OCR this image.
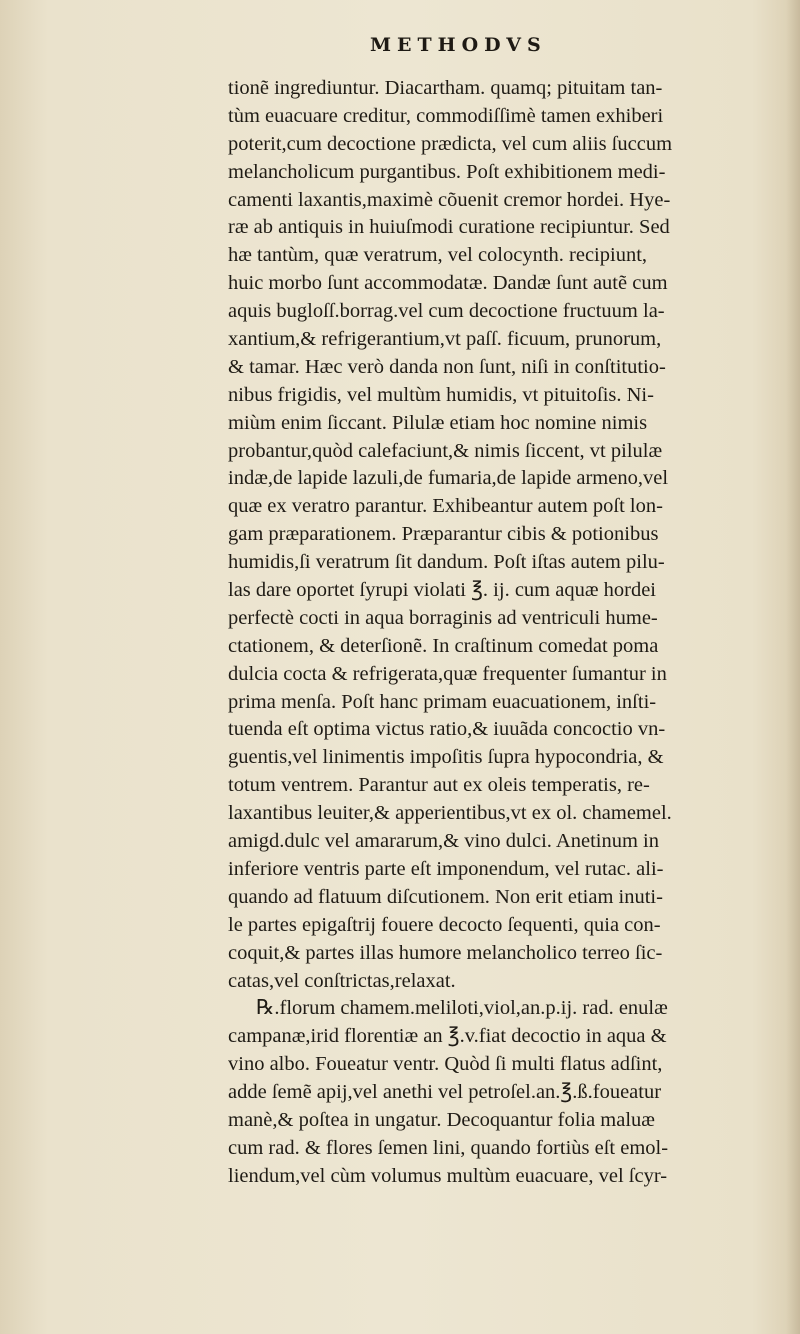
METHODVS
tionẽ ingrediuntur. Diacartham. quamq; pituitam tan-
tùm euacuare creditur, commodiſſimè tamen exhiberi
poterit,cum decoctione prædicta, vel cum aliis ſuccum
melancholicum purgantibus. Poſt exhibitionem medi-
camenti laxantis,maximè cõuenit cremor hordei. Hye-
ræ ab antiquis in huiuſmodi curatione recipiuntur. Sed
hæ tantùm, quæ veratrum, vel colocynth. recipiunt,
huic morbo ſunt accommodatæ. Dandæ ſunt autẽ cum
aquis bugloſſ.borrag.vel cum decoctione fructuum la-
xantium,& refrigerantium,vt paſſ. ficuum, prunorum,
& tamar. Hæc verò danda non ſunt, niſi in conſtitutio-
nibus frigidis, vel multùm humidis, vt pituitoſis. Ni-
miùm enim ſiccant. Pilulæ etiam hoc nomine nimis
probantur,quòd calefaciunt,& nimis ſiccent, vt pilulæ
indæ,de lapide lazuli,de fumaria,de lapide armeno,vel
quæ ex veratro parantur. Exhibeantur autem poſt lon-
gam præparationem. Præparantur cibis & potionibus
humidis,ſi veratrum ſit dandum. Poſt iſtas autem pilu-
las dare oportet ſyrupi violati ℥. ij. cum aquæ hordei
perfectè cocti in aqua borraginis ad ventriculi hume-
ctationem, & deterſionẽ. In craſtinum comedat poma
dulcia cocta & refrigerata,quæ frequenter ſumantur in
prima menſa. Poſt hanc primam euacuationem, inſti-
tuenda eſt optima victus ratio,& iuuãda concoctio vn-
guentis,vel linimentis impoſitis ſupra hypocondria, &
totum ventrem. Parantur aut ex oleis temperatis, re-
laxantibus leuiter,& apperientibus,vt ex ol. chamemel.
amigd.dulc vel amararum,& vino dulci. Anetinum in
inferiore ventris parte eſt imponendum, vel rutac. ali-
quando ad flatuum diſcutionem. Non erit etiam inuti-
le partes epigaſtrij fouere decocto ſequenti, quia con-
coquit,& partes illas humore melancholico terreo ſic-
catas,vel conſtrictas,relaxat.
℞.florum chamem.meliloti,viol,an.p.ij. rad. enulæ
campanæ,irid florentiæ an ℥.v.fiat decoctio in aqua &
vino albo. Foueatur ventr. Quòd ſi multi flatus adſint,
adde ſemẽ apij,vel anethi vel petroſel.an.℥.ß.foueatur
manè,& poſtea in ungatur. Decoquantur folia maluæ
cum rad. & flores ſemen lini, quando fortiùs eſt emol-
liendum,vel cùm volumus multùm euacuare, vel ſcyr-
